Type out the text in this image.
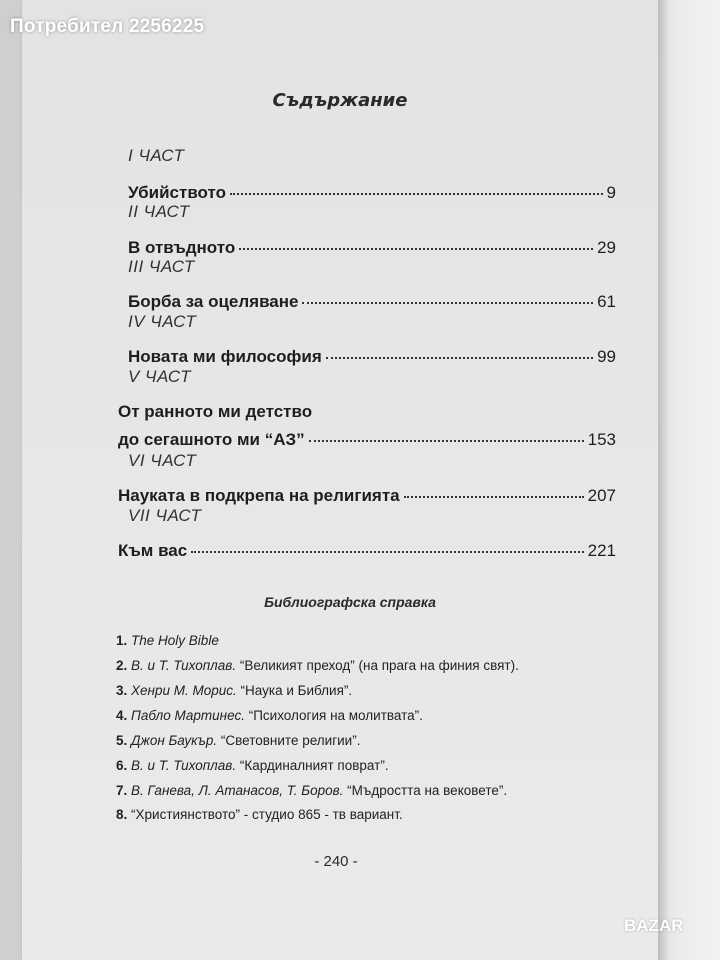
Потребител 2256225
Съдържание
I ЧАСТ
Убийството	9
II ЧАСТ
В отвъдното	29
III ЧАСТ
Борба за оцеляване	61
IV ЧАСТ
Новата ми философия	99
V ЧАСТ
От ранното ми детство
до сегашното ми “АЗ”	153
VI ЧАСТ
Науката в подкрепа на религията	207
VII ЧАСТ
Към вас	221
Библиографска справка
1. The Holy Bible
2. В. и Т. Тихоплав. “Великият преход” (на прага на финия свят).
3. Хенри М. Морис. “Наука и Библия”.
4. Пабло Мартинес. “Психология на молитвата”.
5. Джон Баукър. “Световните религии”.
6. В. и Т. Тихоплав. “Кардиналният поврат”.
7. В. Ганева, Л. Атанасов, Т. Боров. “Мъдростта на вековете”.
8. “Християнството” - студио 865 - тв вариант.
- 240 -
BAZAR
